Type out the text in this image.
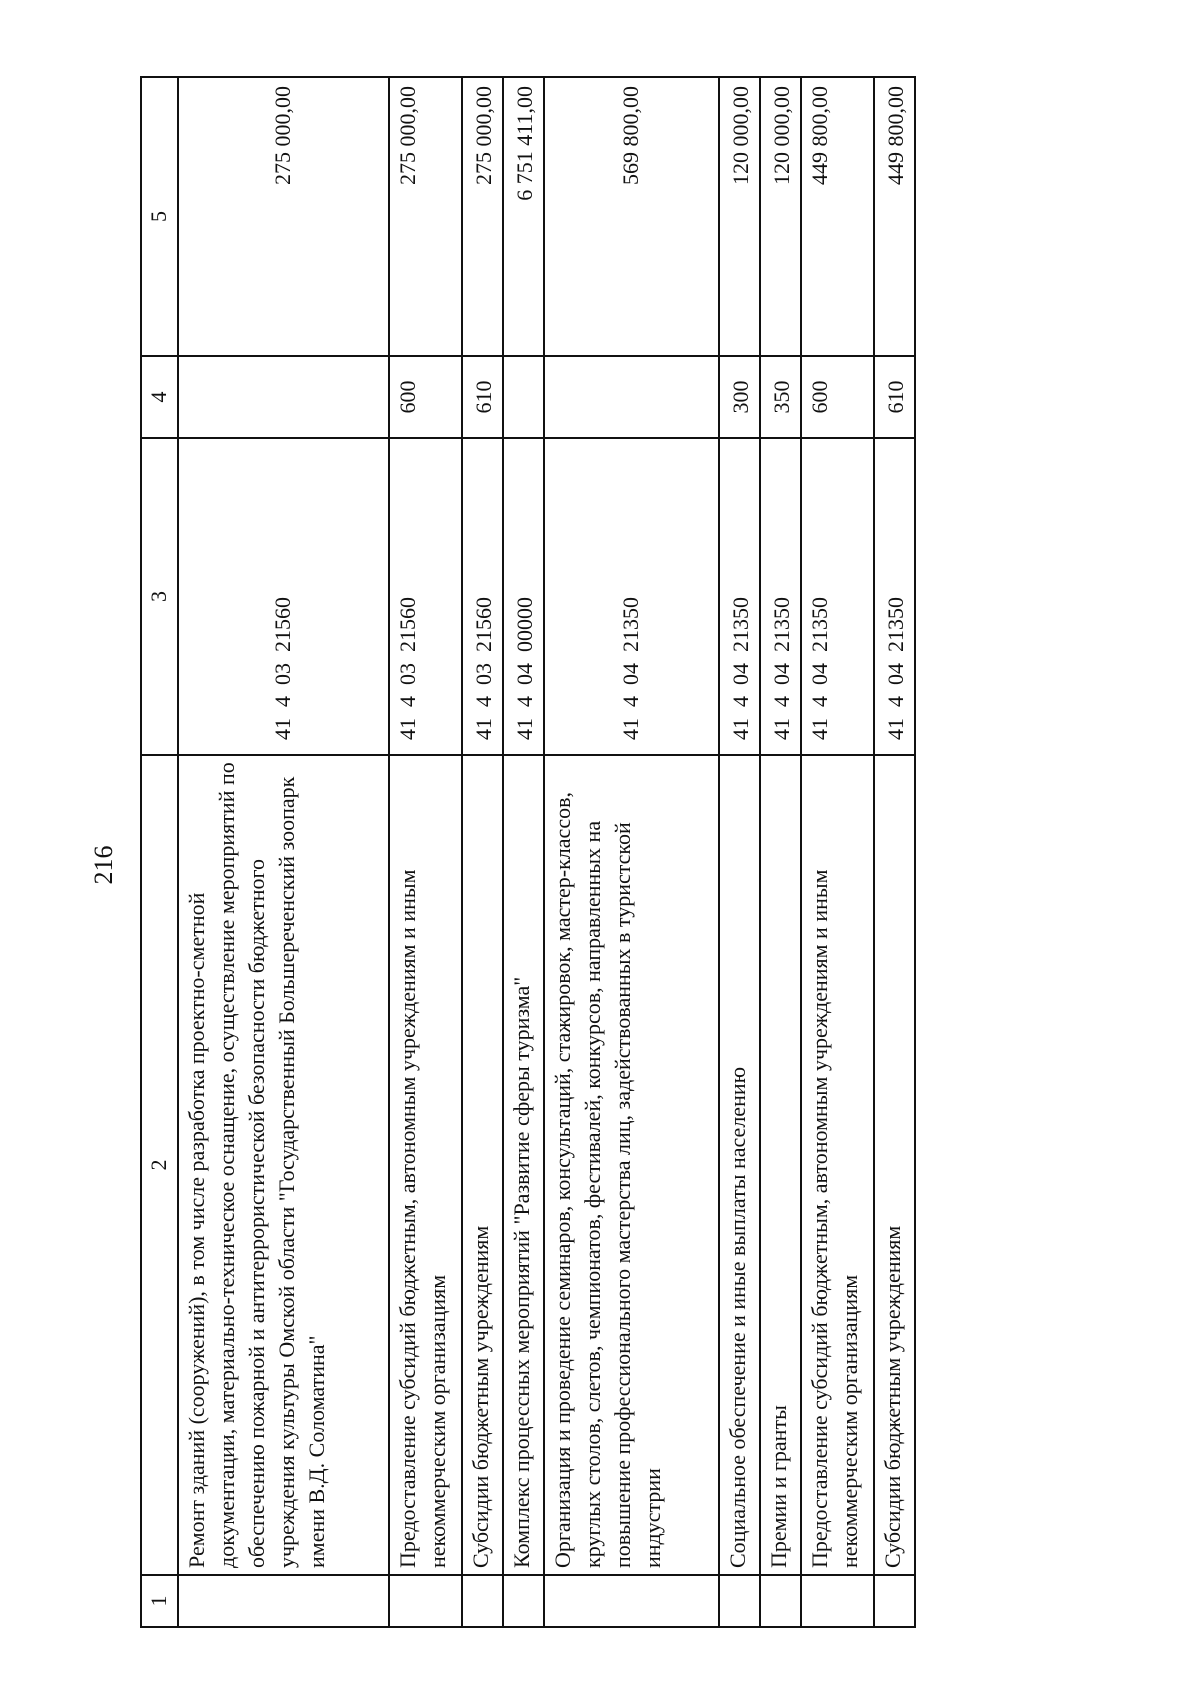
216
1	2	3	4	5
	Ремонт зданий (сооружений), в том числе разработка проектно-сметной документации, материально-техническое оснащение, осуществление мероприятий по обеспечению пожарной и антитеррористической безопасности бюджетного учреждения культуры Омской области "Государственный Большереченский зоопарк имени В.Д. Соломатина"	41  4  03  21560		275 000,00
	Предоставление субсидий бюджетным, автономным учреждениям и иным некоммерческим организациям	41  4  03  21560	600	275 000,00
	Субсидии бюджетным учреждениям	41  4  03  21560	610	275 000,00
	Комплекс процессных мероприятий "Развитие сферы туризма"	41  4  04  00000		6 751 411,00
	Организация и проведение семинаров, консультаций, стажировок, мастер-классов, круглых столов, слетов, чемпионатов, фестивалей, конкурсов, направленных на повышение профессионального мастерства лиц, задействованных в туристской индустрии	41  4  04  21350		569 800,00
	Социальное обеспечение и иные выплаты населению	41  4  04  21350	300	120 000,00
	Премии и гранты	41  4  04  21350	350	120 000,00
	Предоставление субсидий бюджетным, автономным учреждениям и иным некоммерческим организациям	41  4  04  21350	600	449 800,00
	Субсидии бюджетным учреждениям	41  4  04  21350	610	449 800,00
